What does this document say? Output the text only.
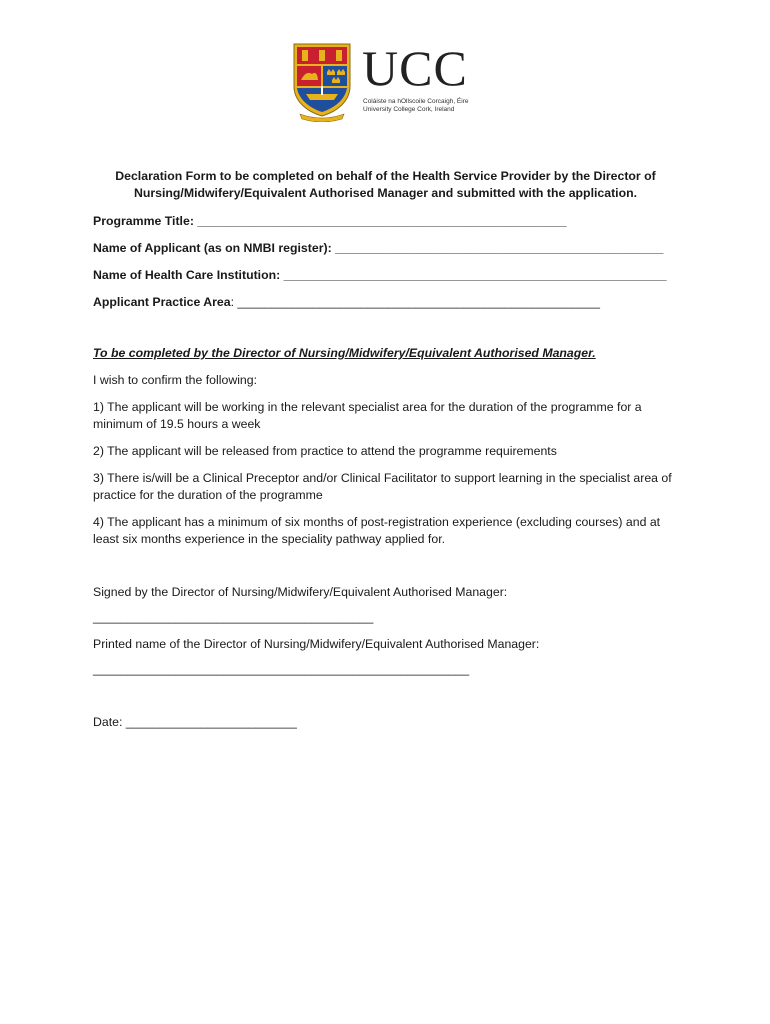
UCC
Coláiste na hOllscoile Corcaigh, Éire
University College Cork, Ireland

Declaration Form to be completed on behalf of the Health Service Provider by the Director of Nursing/Midwifery/Equivalent Authorised Manager and submitted with the application.

Programme Title: ______________________________________________________

Name of Applicant (as on NMBI register): ________________________________________________

Name of Health Care Institution: ________________________________________________________

Applicant Practice Area: _____________________________________________________

To be completed by the Director of Nursing/Midwifery/Equivalent Authorised Manager.

I wish to confirm the following:

1) The applicant will be working in the relevant specialist area for the duration of the programme for a minimum of 19.5 hours a week

2) The applicant will be released from practice to attend the programme requirements

3) There is/will be a Clinical Preceptor and/or Clinical Facilitator to support learning in the specialist area of practice for the duration of the programme

4) The applicant has a minimum of six months of post-registration experience (excluding courses) and at least six months experience in the speciality pathway applied for.

Signed by the Director of Nursing/Midwifery/Equivalent Authorised Manager:

_________________________________________

Printed name of the Director of Nursing/Midwifery/Equivalent Authorised Manager:

_______________________________________________________

Date: _________________________
